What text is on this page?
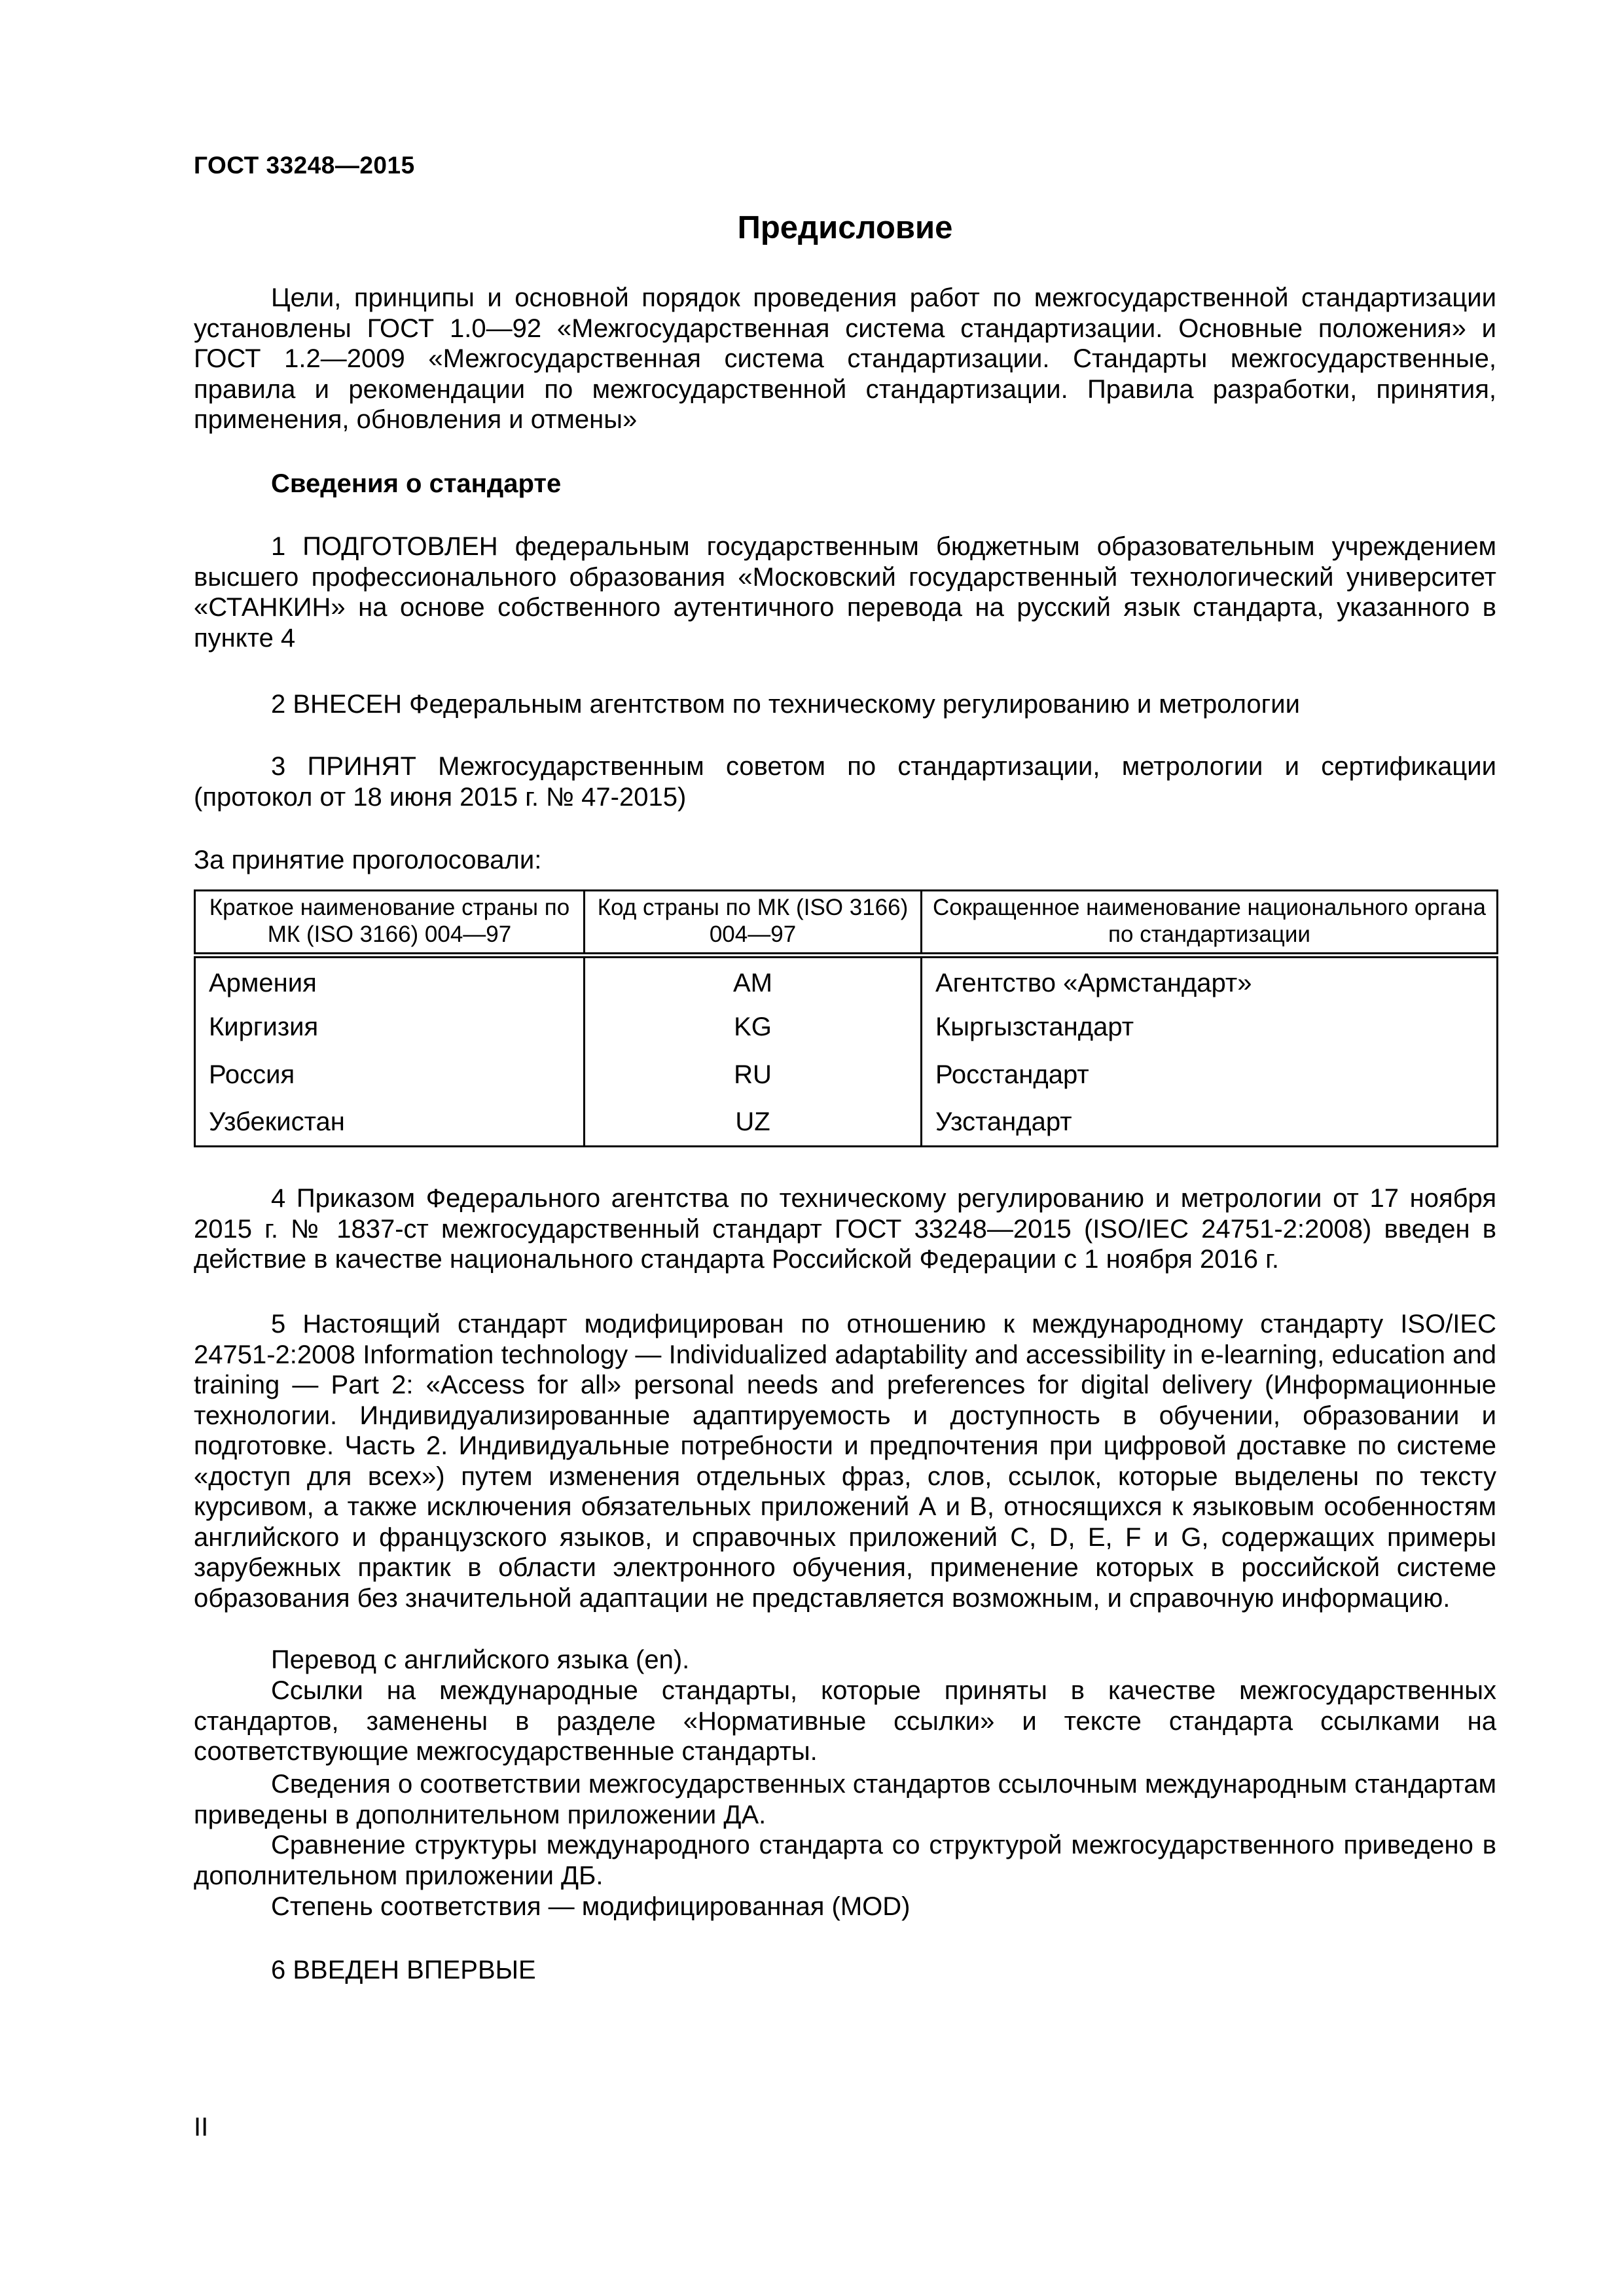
ГОСТ 33248—2015
Предисловие
Цели, принципы и основной порядок проведения работ по межгосударственной стандартизации установлены ГОСТ 1.0—92 «Межгосударственная система стандартизации. Основные положения» и ГОСТ 1.2—2009 «Межгосударственная система стандартизации. Стандарты межгосударственные, правила и рекомендации по межгосударственной стандартизации. Правила разработки, принятия, применения, обновления и отмены»
Сведения о стандарте
1 ПОДГОТОВЛЕН федеральным государственным бюджетным образовательным учреждением высшего профессионального образования «Московский государственный технологический университет «СТАНКИН» на основе собственного аутентичного перевода на русский язык стандарта, указанного в пункте 4
2 ВНЕСЕН Федеральным агентством по техническому регулированию и метрологии
3 ПРИНЯТ Межгосударственным советом по стандартизации, метрологии и сертификации (протокол от 18 июня 2015 г. № 47-2015)
За принятие проголосовали:
Краткое наименование страны по МК (ISO 3166) 004—97	Код страны по МК (ISO 3166) 004—97	Сокращенное наименование национального органа по стандартизации
Армения	AM	Агентство «Армстандарт»
Киргизия	KG	Кыргызстандарт
Россия	RU	Росстандарт
Узбекистан	UZ	Узстандарт
4 Приказом Федерального агентства по техническому регулированию и метрологии от 17 ноября 2015 г. № 1837-ст межгосударственный стандарт ГОСТ 33248—2015 (ISO/IEC 24751-2:2008) введен в действие в качестве национального стандарта Российской Федерации с 1 ноября 2016 г.
5 Настоящий стандарт модифицирован по отношению к международному стандарту ISO/IEC 24751-2:2008 Information technology — Individualized adaptability and accessibility in e-learning, education and training — Part 2: «Access for all» personal needs and preferences for digital delivery (Информационные технологии. Индивидуализированные адаптируемость и доступность в обучении, образовании и подготовке. Часть 2. Индивидуальные потребности и предпочтения при цифровой доставке по системе «доступ для всех») путем изменения отдельных фраз, слов, ссылок, которые выделены по тексту курсивом, а также исключения обязательных приложений А и В, относящихся к языковым особенностям английского и французского языков, и справочных приложений С, D, E, F и G, содержащих примеры зарубежных практик в области электронного обучения, применение которых в российской системе образования без значительной адаптации не представляется возможным, и справочную информацию.
Перевод с английского языка (en).
Ссылки на международные стандарты, которые приняты в качестве межгосударственных стандартов, заменены в разделе «Нормативные ссылки» и тексте стандарта ссылками на соответствующие межгосударственные стандарты.
Сведения о соответствии межгосударственных стандартов ссылочным международным стандартам приведены в дополнительном приложении ДА.
Сравнение структуры международного стандарта со структурой межгосударственного приведено в дополнительном приложении ДБ.
Степень соответствия — модифицированная (MOD)
6 ВВЕДЕН ВПЕРВЫЕ
II
